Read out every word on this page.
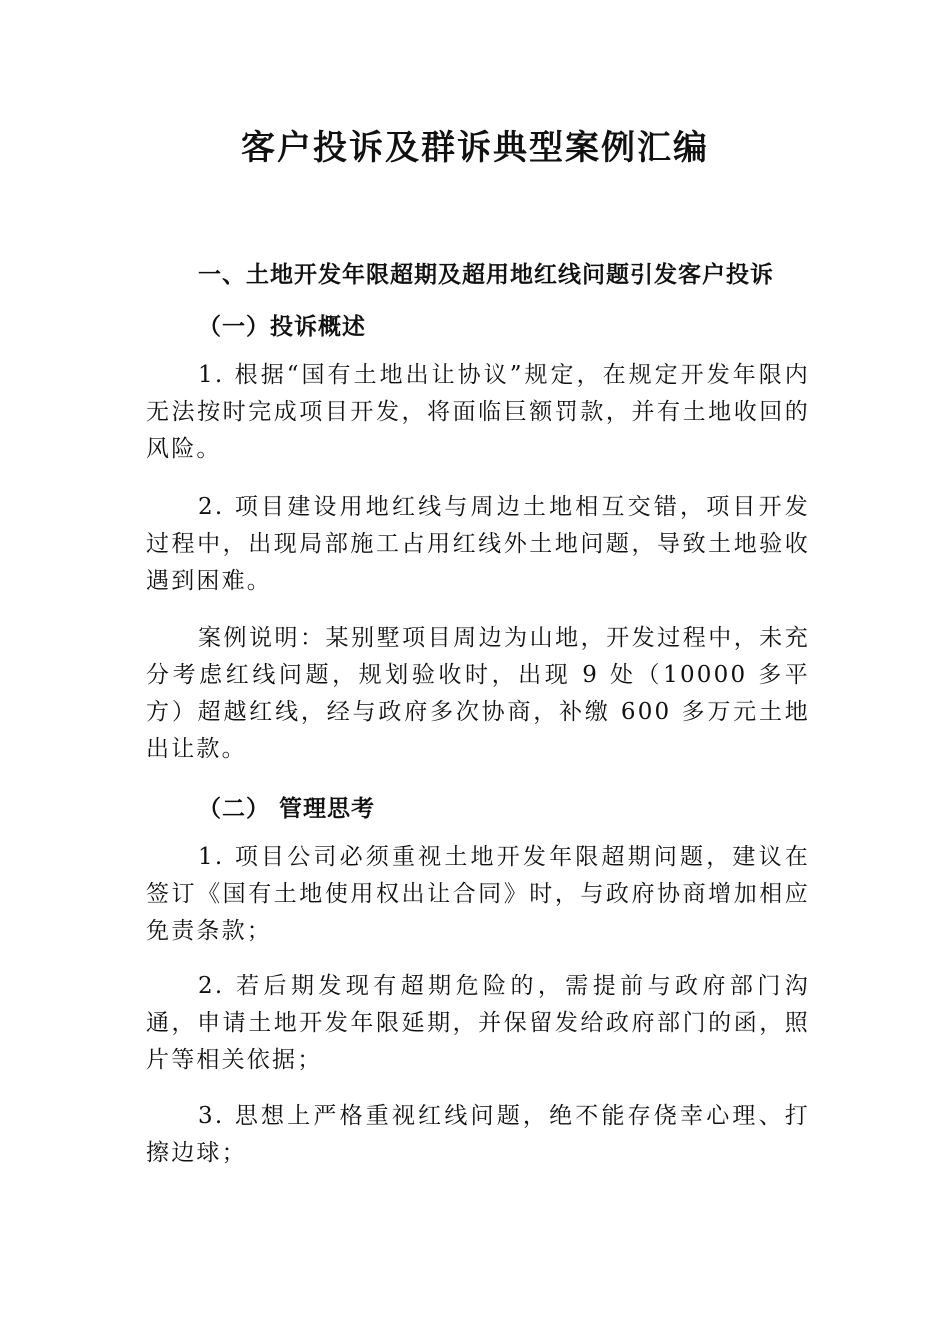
客户投诉及群诉典型案例汇编

一、土地开发年限超期及超用地红线问题引发客户投诉

（一）投诉概述

1. 根据“国有土地出让协议”规定，在规定开发年限内无法按时完成项目开发，将面临巨额罚款，并有土地收回的风险。

2. 项目建设用地红线与周边土地相互交错，项目开发过程中，出现局部施工占用红线外土地问题，导致土地验收遇到困难。

案例说明：某别墅项目周边为山地，开发过程中，未充分考虑红线问题，规划验收时，出现 9 处（10000 多平方）超越红线，经与政府多次协商，补缴 600 多万元土地出让款。

（二） 管理思考

1. 项目公司必须重视土地开发年限超期问题，建议在签订《国有土地使用权出让合同》时，与政府协商增加相应免责条款；

2. 若后期发现有超期危险的，需提前与政府部门沟通，申请土地开发年限延期，并保留发给政府部门的函，照片等相关依据；

3. 思想上严格重视红线问题，绝不能存侥幸心理、打擦边球；
